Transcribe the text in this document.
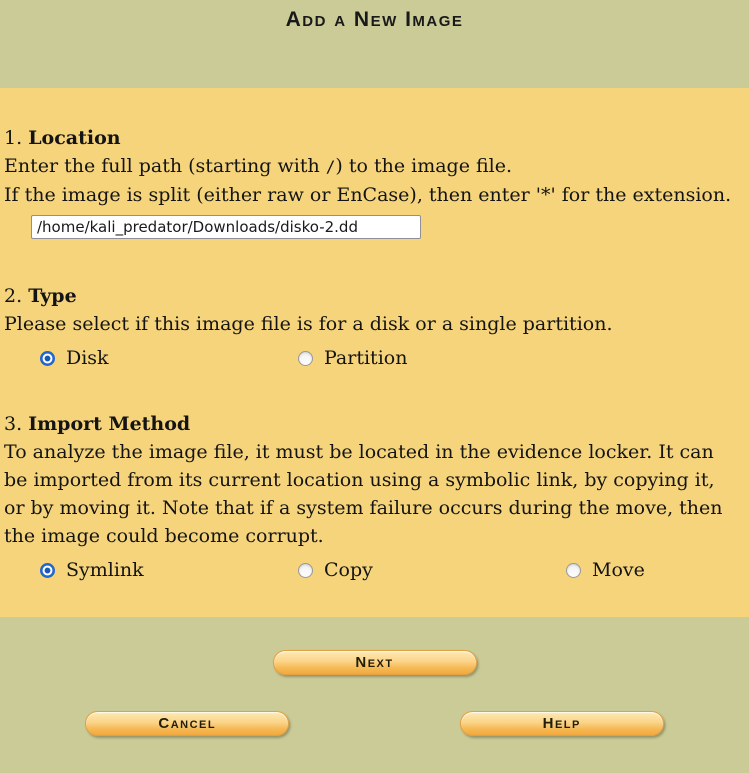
Add a New Image
1. Location
Enter the full path (starting with /) to the image file.
If the image is split (either raw or EnCase), then enter '*' for the extension.
/home/kali_predator/Downloads/disko-2.dd
2. Type
Please select if this image file is for a disk or a single partition.
Disk	Partition
3. Import Method
To analyze the image file, it must be located in the evidence locker. It can be imported from its current location using a symbolic link, by copying it, or by moving it. Note that if a system failure occurs during the move, then the image could become corrupt.
Symlink	Copy	Move
Next
Cancel	Help
